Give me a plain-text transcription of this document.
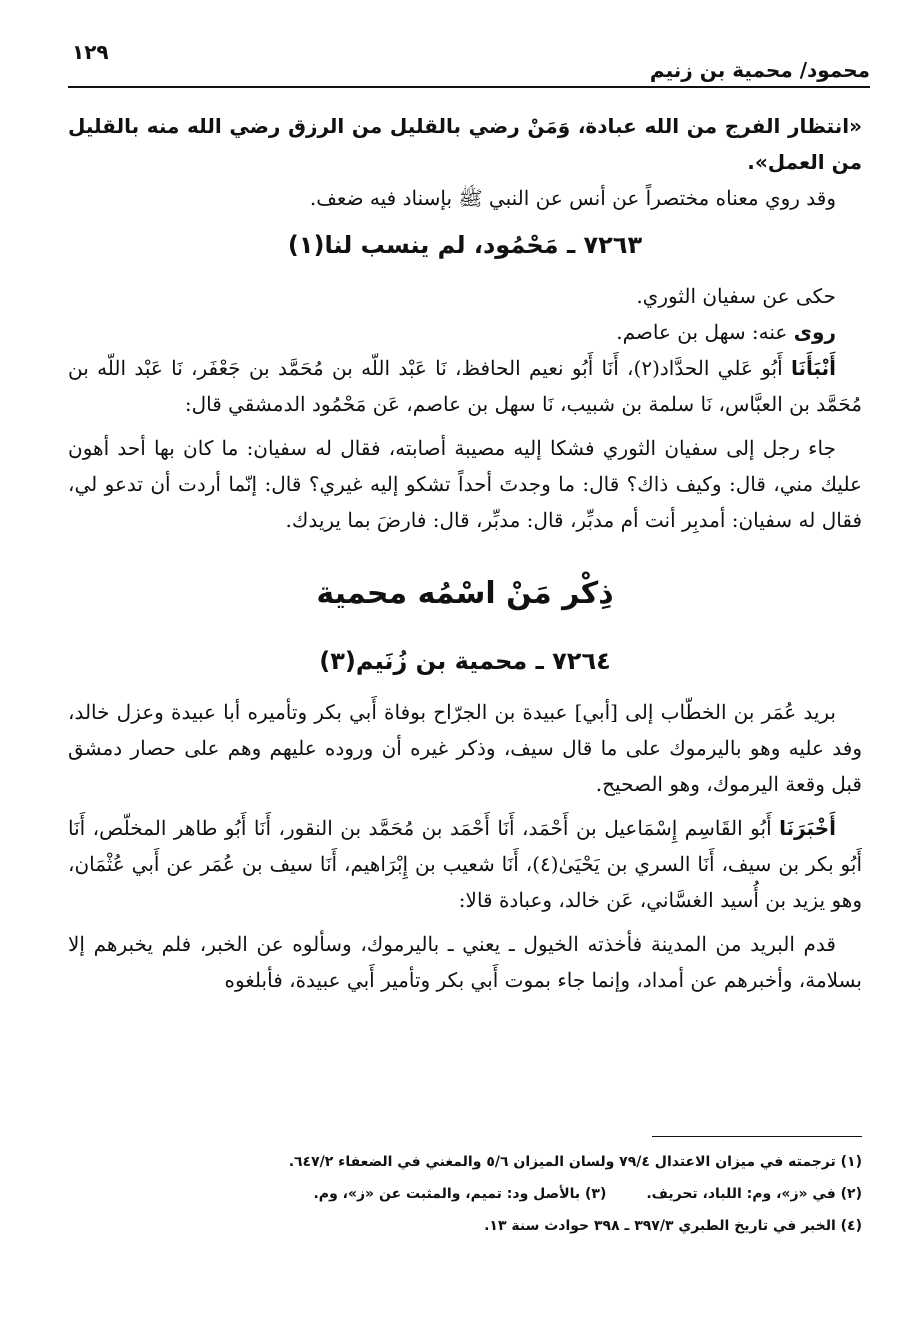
محمود/ محمية بن زنيم
١٢٩

«انتظار الفرج من الله عبادة، وَمَنْ رضي بالقليل من الرزق رضي الله منه بالقليل من العمل».

وقد روي معناه مختصراً عن أنس عن النبي ﷺ بإسناد فيه ضعف.

٧٢٦٣ ـ مَحْمُود، لم ينسب لنا(١)

حكى عن سفيان الثوري.

روى عنه: سهل بن عاصم.

أَنْبَأَنَا أَبُو عَلي الحدَّاد(٢)، أَنَا أَبُو نعيم الحافظ، نَا عَبْد اللّه بن مُحَمَّد بن جَعْفَر، نَا عَبْد اللّه بن مُحَمَّد بن العبَّاس، نَا سلمة بن شبيب، نَا سهل بن عاصم، عَن مَحْمُود الدمشقي قال:

جاء رجل إلى سفيان الثوري فشكا إليه مصيبة أصابته، فقال له سفيان: ما كان بها أحد أهون عليك مني، قال: وكيف ذاك؟ قال: ما وجدتَ أحداً تشكو إليه غيري؟ قال: إنّما أردت أن تدعو لي، فقال له سفيان: أمدبِر أنت أم مدبِّر، قال: مدبِّر، قال: فارضَ بما يريدك.

ذِكْر مَنْ اسْمُه محمية
٧٢٦٤ ـ محمية بن زُنَيم(٣)

بريد عُمَر بن الخطّاب إلى [أبي] عبيدة بن الجرّاح بوفاة أَبي بكر وتأميره أبا عبيدة وعزل خالد، وفد عليه وهو باليرموك على ما قال سيف، وذكر غيره أن وروده عليهم وهم على حصار دمشق قبل وقعة اليرموك، وهو الصحيح.

أَخْبَرَنَا أَبُو القَاسِم إِسْمَاعيل بن أَحْمَد، أَنَا أَحْمَد بن مُحَمَّد بن النقور، أَنَا أَبُو طاهر المخلّص، أَنَا أَبُو بكر بن سيف، أَنَا السري بن يَحْيَىٰ(٤)، أَنَا شعيب بن إِبْرَاهيم، أَنَا سيف بن عُمَر عن أَبي عُثْمَان، وهو يزيد بن أُسيد الغسَّاني، عَن خالد، وعبادة قالا:

قدم البريد من المدينة فأخذته الخيول ـ يعني ـ باليرموك، وسألوه عن الخبر، فلم يخبرهم إلا بسلامة، وأخبرهم عن أمداد، وإنما جاء بموت أَبي بكر وتأمير أَبي عبيدة، فأبلغوه

(١) ترجمته في ميزان الاعتدال ٧٩/٤ ولسان الميزان ٥/٦ والمغني في الضعفاء ٦٤٧/٢.
(٢) في «ز»، وم: اللباد، تحريف.
(٣) بالأصل ود: تميم، والمثبت عن «ز»، وم.
(٤) الخبر في تاريخ الطبري ٣٩٧/٣ ـ ٣٩٨ حوادث سنة ١٣.
